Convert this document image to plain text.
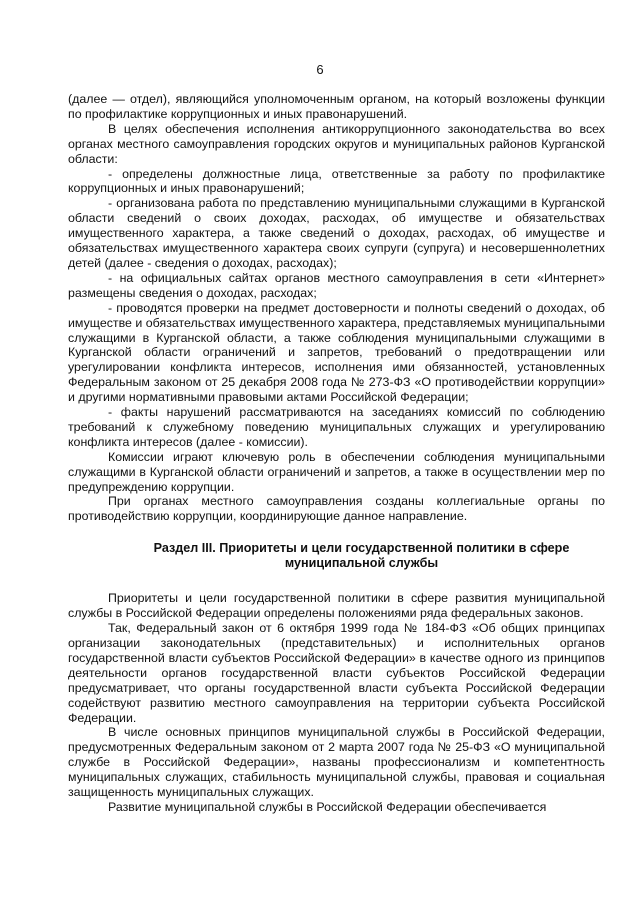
6

(далее — отдел), являющийся уполномоченным органом, на который возложены функции по профилактике коррупционных и иных правонарушений.

В целях обеспечения исполнения антикоррупционного законодательства во всех органах местного самоуправления городских округов и муниципальных районов Курганской области:

- определены должностные лица, ответственные за работу по профилактике коррупционных и иных правонарушений;

- организована работа по представлению муниципальными служащими в Курганской области сведений о своих доходах, расходах, об имуществе и обязательствах имущественного характера, а также сведений о доходах, расходах, об имуществе и обязательствах имущественного характера своих супруги (супруга) и несовершеннолетних детей (далее - сведения о доходах, расходах);

- на официальных сайтах органов местного самоуправления в сети «Интернет» размещены сведения о доходах, расходах;

- проводятся проверки на предмет достоверности и полноты сведений о доходах, об имуществе и обязательствах имущественного характера, представляемых муниципальными служащими в Курганской области, а также соблюдения муниципальными служащими в Курганской области ограничений и запретов, требований о предотвращении или урегулировании конфликта интересов, исполнения ими обязанностей, установленных Федеральным законом от 25 декабря 2008 года № 273-ФЗ «О противодействии коррупции» и другими нормативными правовыми актами Российской Федерации;

- факты нарушений рассматриваются на заседаниях комиссий по соблюдению требований к служебному поведению муниципальных служащих и урегулированию конфликта интересов (далее - комиссии).

Комиссии играют ключевую роль в обеспечении соблюдения муниципальными служащими в Курганской области ограничений и запретов, а также в осуществлении мер по предупреждению коррупции.

При органах местного самоуправления созданы коллегиальные органы по противодействию коррупции, координирующие данное направление.

Раздел III. Приоритеты и цели государственной политики в сфере муниципальной службы

Приоритеты и цели государственной политики в сфере развития муниципальной службы в Российской Федерации определены положениями ряда федеральных законов.

Так, Федеральный закон от 6 октября 1999 года № 184-ФЗ «Об общих принципах организации законодательных (представительных) и исполнительных органов государственной власти субъектов Российской Федерации» в качестве одного из принципов деятельности органов государственной власти субъектов Российской Федерации предусматривает, что органы государственной власти субъекта Российской Федерации содействуют развитию местного самоуправления на территории субъекта Российской Федерации.

В числе основных принципов муниципальной службы в Российской Федерации, предусмотренных Федеральным законом от 2 марта 2007 года № 25-ФЗ «О муниципальной службе в Российской Федерации», названы профессионализм и компетентность муниципальных служащих, стабильность муниципальной службы, правовая и социальная защищенность муниципальных служащих.

Развитие муниципальной службы в Российской Федерации обеспечивается
